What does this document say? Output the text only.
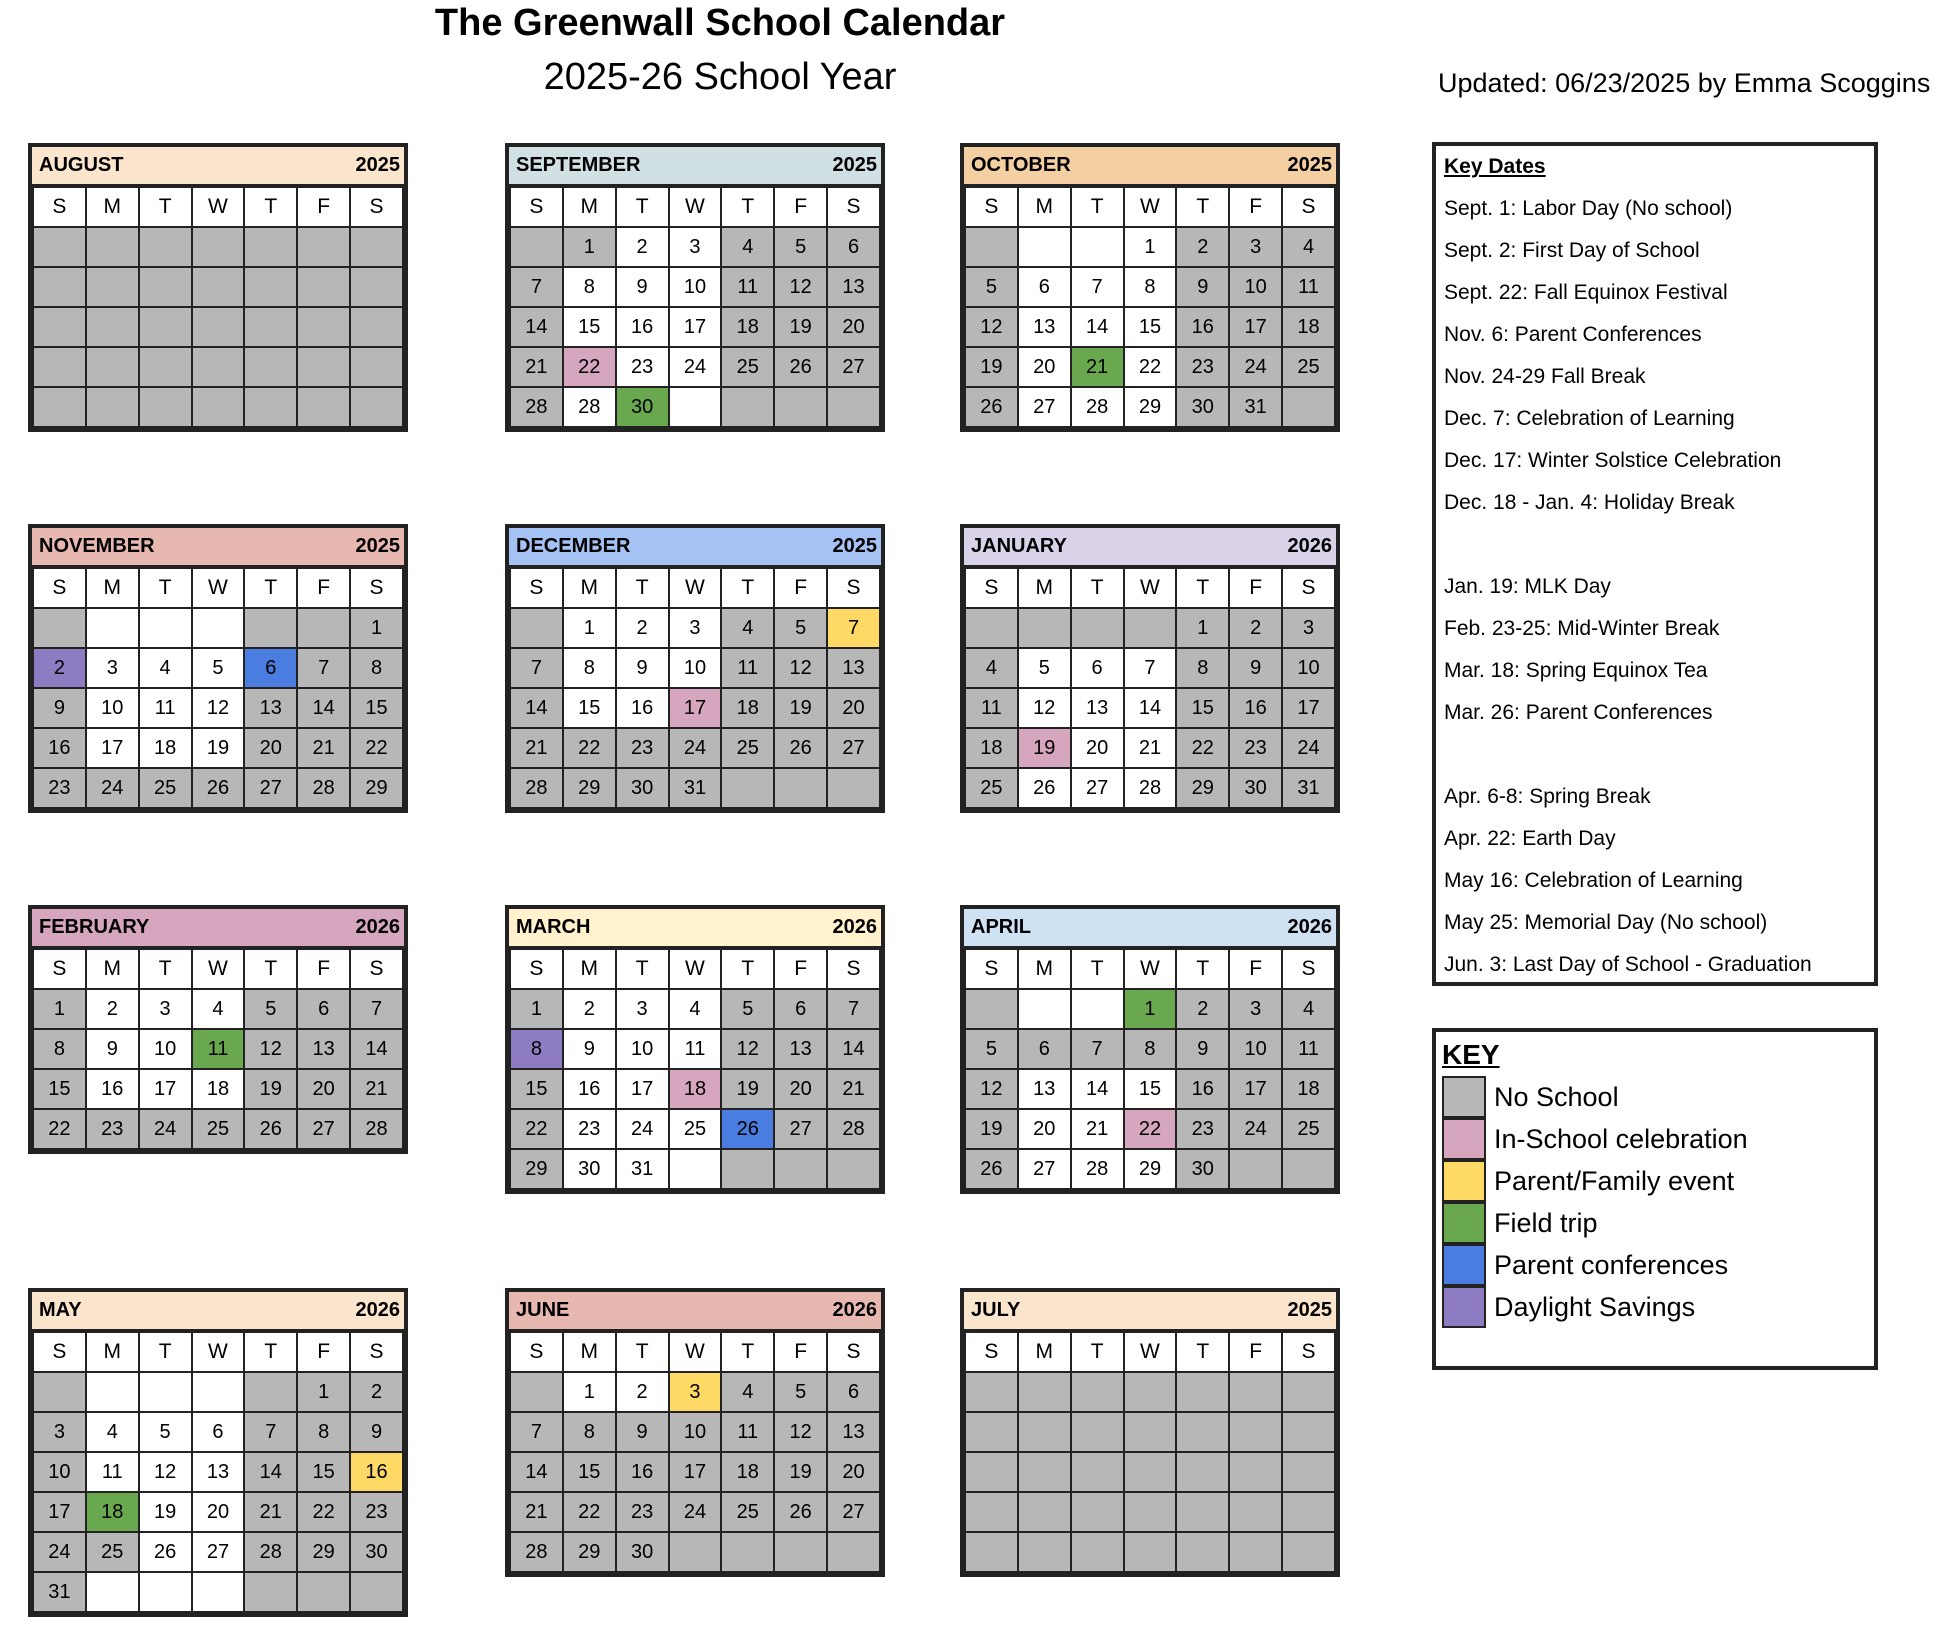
The Greenwall School Calendar
2025-26 School Year	Updated: 06/23/2025 by Emma Scoggins
AUGUST	2025
S	M	T	W	T	F	S

SEPTEMBER	2025
S	M	T	W	T	F	S
	1	2	3	4	5	6
7	8	9	10	11	12	13
14	15	16	17	18	19	20
21	22	23	24	25	26	27
28	28	30				
OCTOBER	2025
S	M	T	W	T	F	S
			1	2	3	4
5	6	7	8	9	10	11
12	13	14	15	16	17	18
19	20	21	22	23	24	25
26	27	28	29	30	31	
NOVEMBER	2025
S	M	T	W	T	F	S
						1
2	3	4	5	6	7	8
9	10	11	12	13	14	15
16	17	18	19	20	21	22
23	24	25	26	27	28	29
DECEMBER	2025
S	M	T	W	T	F	S
	1	2	3	4	5	7
7	8	9	10	11	12	13
14	15	16	17	18	19	20
21	22	23	24	25	26	27
28	29	30	31			
JANUARY	2026
S	M	T	W	T	F	S
				1	2	3
4	5	6	7	8	9	10
11	12	13	14	15	16	17
18	19	20	21	22	23	24
25	26	27	28	29	30	31
FEBRUARY	2026
S	M	T	W	T	F	S
1	2	3	4	5	6	7
8	9	10	11	12	13	14
15	16	17	18	19	20	21
22	23	24	25	26	27	28
MARCH	2026
S	M	T	W	T	F	S
1	2	3	4	5	6	7
8	9	10	11	12	13	14
15	16	17	18	19	20	21
22	23	24	25	26	27	28
29	30	31				
APRIL	2026
S	M	T	W	T	F	S
			1	2	3	4
5	6	7	8	9	10	11
12	13	14	15	16	17	18
19	20	21	22	23	24	25
26	27	28	29	30		
MAY	2026
S	M	T	W	T	F	S
					1	2
3	4	5	6	7	8	9
10	11	12	13	14	15	16
17	18	19	20	21	22	23
24	25	26	27	28	29	30
31						
JUNE	2026
S	M	T	W	T	F	S
	1	2	3	4	5	6
7	8	9	10	11	12	13
14	15	16	17	18	19	20
21	22	23	24	25	26	27
28	29	30				
JULY	2025
S	M	T	W	T	F	S

Key Dates
Sept. 1: Labor Day (No school)
Sept. 2: First Day of School
Sept. 22: Fall Equinox Festival
Nov. 6: Parent Conferences
Nov. 24-29 Fall Break
Dec. 7: Celebration of Learning
Dec. 17: Winter Solstice Celebration
Dec. 18 - Jan. 4: Holiday Break
Jan. 19: MLK Day
Feb. 23-25: Mid-Winter Break
Mar. 18: Spring Equinox Tea
Mar. 26: Parent Conferences
Apr. 6-8: Spring Break
Apr. 22: Earth Day
May 16: Celebration of Learning
May 25: Memorial Day (No school)
Jun. 3: Last Day of School - Graduation
KEY
No School
In-School celebration
Parent/Family event
Field trip
Parent conferences
Daylight Savings
